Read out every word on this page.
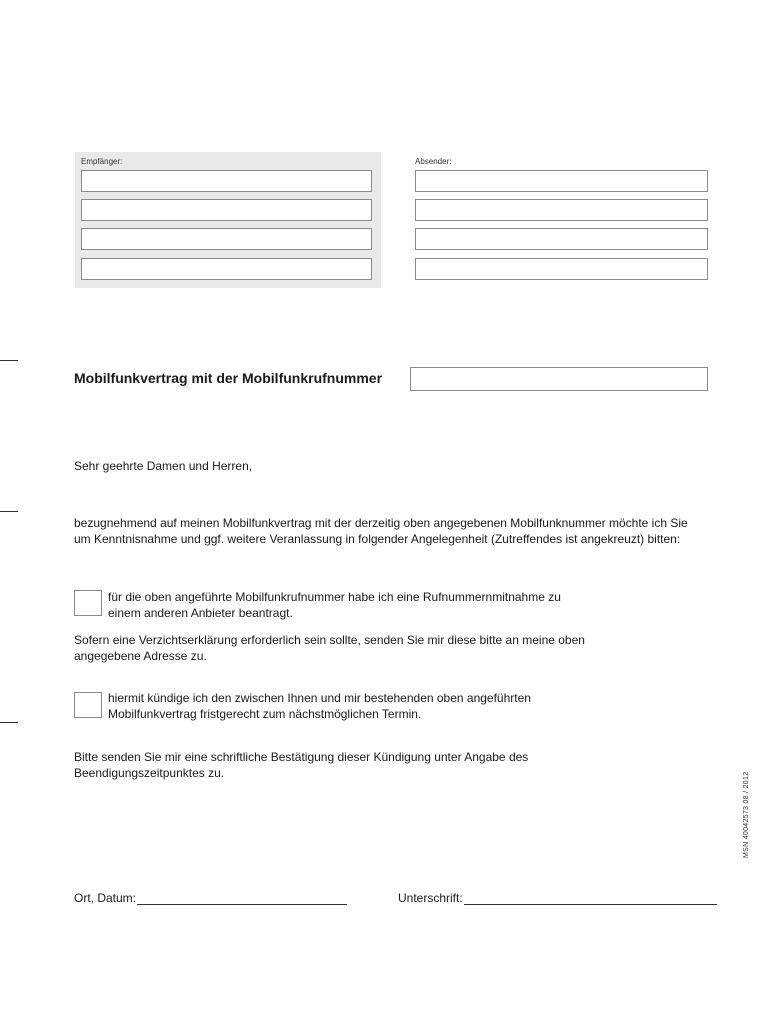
Empfänger:	Absender:
Mobilfunkvertrag mit der Mobilfunkrufnummer
Sehr geehrte Damen und Herren,
bezugnehmend auf meinen Mobilfunkvertrag mit der derzeitig oben angegebenen Mobilfunknummer möchte ich Sie
um Kenntnisnahme und ggf. weitere Veranlassung in folgender Angelegenheit (Zutreffendes ist angekreuzt) bitten:
für die oben angeführte Mobilfunkrufnummer habe ich eine Rufnummernmitnahme zu
einem anderen Anbieter beantragt.
Sofern eine Verzichtserklärung erforderlich sein sollte, senden Sie mir diese bitte an meine oben
angegebene Adresse zu.
hiermit kündige ich den zwischen Ihnen und mir bestehenden oben angeführten
Mobilfunkvertrag fristgerecht zum nächstmöglichen Termin.
Bitte senden Sie mir eine schriftliche Bestätigung dieser Kündigung unter Angabe des
Beendigungszeitpunktes zu.
Ort, Datum:	Unterschrift:
MSN 40042573 08 / 2012
